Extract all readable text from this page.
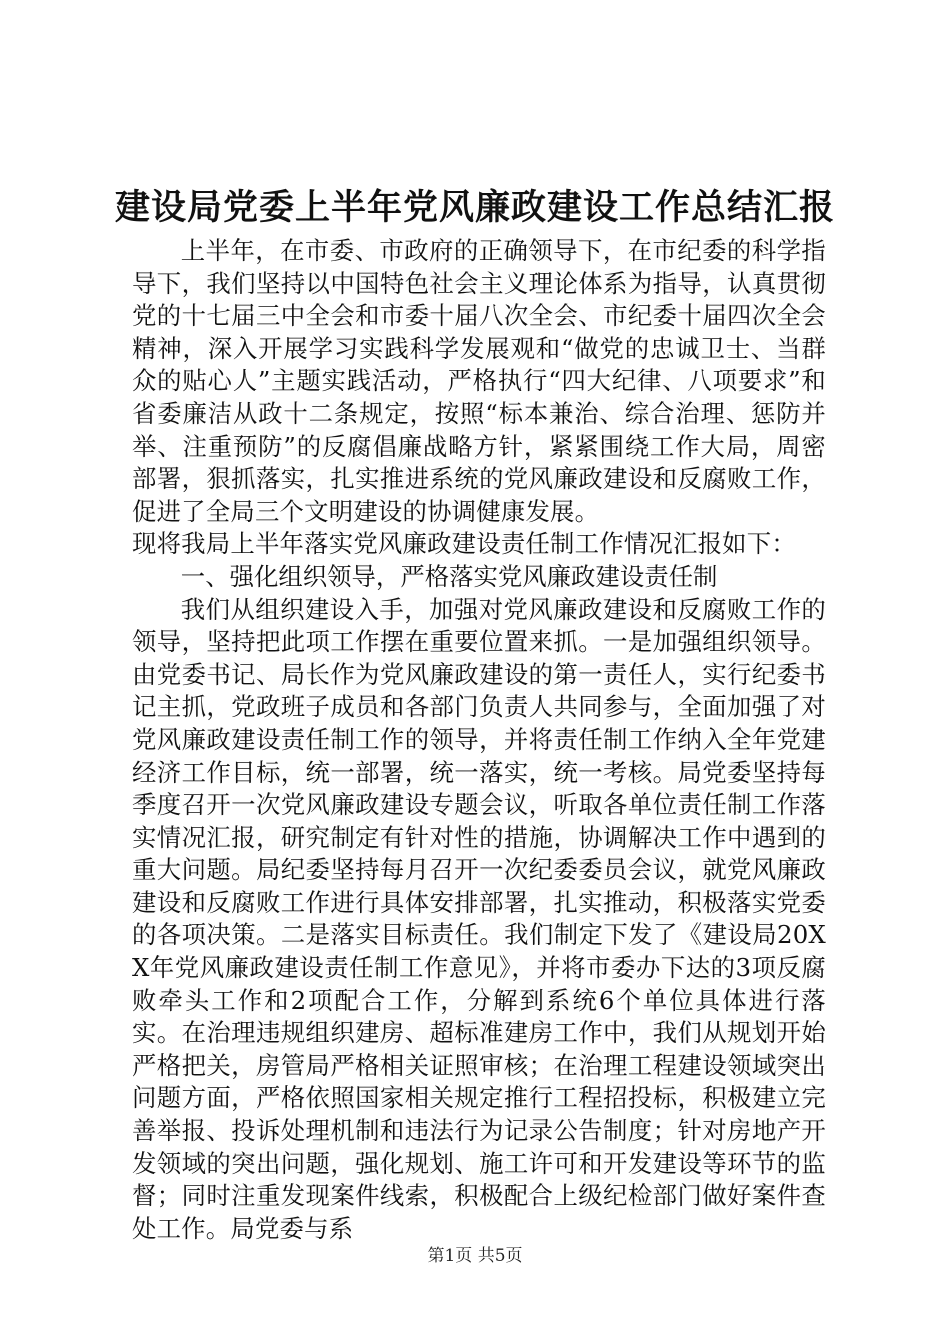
建设局党委上半年党风廉政建设工作总结汇报

上半年，在市委、市政府的正确领导下，在市纪委的科学指导下，我们坚持以中国特色社会主义理论体系为指导，认真贯彻党的十七届三中全会和市委十届八次全会、市纪委十届四次全会精神，深入开展学习实践科学发展观和“做党的忠诚卫士、当群众的贴心人”主题实践活动，严格执行“四大纪律、八项要求”和省委廉洁从政十二条规定，按照“标本兼治、综合治理、惩防并举、注重预防”的反腐倡廉战略方针，紧紧围绕工作大局，周密部署，狠抓落实，扎实推进系统的党风廉政建设和反腐败工作，促进了全局三个文明建设的协调健康发展。

现将我局上半年落实党风廉政建设责任制工作情况汇报如下：

一、强化组织领导，严格落实党风廉政建设责任制

我们从组织建设入手，加强对党风廉政建设和反腐败工作的领导，坚持把此项工作摆在重要位置来抓。一是加强组织领导。由党委书记、局长作为党风廉政建设的第一责任人，实行纪委书记主抓，党政班子成员和各部门负责人共同参与，全面加强了对党风廉政建设责任制工作的领导，并将责任制工作纳入全年党建经济工作目标，统一部署，统一落实，统一考核。局党委坚持每季度召开一次党风廉政建设专题会议，听取各单位责任制工作落实情况汇报，研究制定有针对性的措施，协调解决工作中遇到的重大问题。局纪委坚持每月召开一次纪委委员会议，就党风廉政建设和反腐败工作进行具体安排部署，扎实推动，积极落实党委的各项决策。二是落实目标责任。我们制定下发了《建设局20XX年党风廉政建设责任制工作意见》，并将市委办下达的3项反腐败牵头工作和2项配合工作，分解到系统6个单位具体进行落实。在治理违规组织建房、超标准建房工作中，我们从规划开始严格把关，房管局严格相关证照审核；在治理工程建设领域突出问题方面，严格依照国家相关规定推行工程招投标，积极建立完善举报、投诉处理机制和违法行为记录公告制度；针对房地产开发领域的突出问题，强化规划、施工许可和开发建设等环节的监督；同时注重发现案件线索，积极配合上级纪检部门做好案件查处工作。局党委与系

第1页 共5页
